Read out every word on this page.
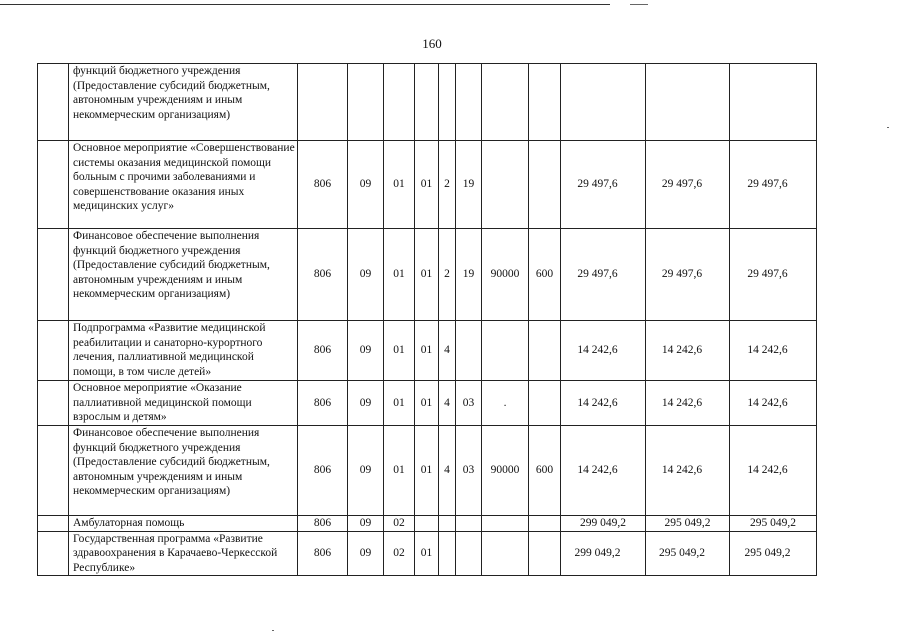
160
	функций бюджетного учреждения (Предоставление субсидий бюджетным, автономным учреждениям и иным некоммерческим организациям)											
	Основное мероприятие «Совершенствование системы оказания медицинской помощи больным с прочими заболеваниями и совершенствование оказания иных медицинских услуг»	806	09	01	01	2	19			29 497,6	29 497,6	29 497,6
	Финансовое обеспечение выполнения функций бюджетного учреждения (Предоставление субсидий бюджетным, автономным учреждениям и иным некоммерческим организациям)	806	09	01	01	2	19	90000	600	29 497,6	29 497,6	29 497,6
	Подпрограмма «Развитие медицинской реабилитации и санаторно-курортного лечения, паллиативной медицинской помощи, в том числе детей»	806	09	01	01	4				14 242,6	14 242,6	14 242,6
	Основное мероприятие «Оказание паллиативной медицинской помощи взрослым и детям»	806	09	01	01	4	03	.		14 242,6	14 242,6	14 242,6
	Финансовое обеспечение выполнения функций бюджетного учреждения (Предоставление субсидий бюджетным, автономным учреждениям и иным некоммерческим организациям)	806	09	01	01	4	03	90000	600	14 242,6	14 242,6	14 242,6
	Амбулаторная помощь	806	09	02						299 049,2	295 049,2	295 049,2
	Государственная программа «Развитие здравоохранения в Карачаево-Черкесской Республике»	806	09	02	01					299 049,2	295 049,2	295 049,2
